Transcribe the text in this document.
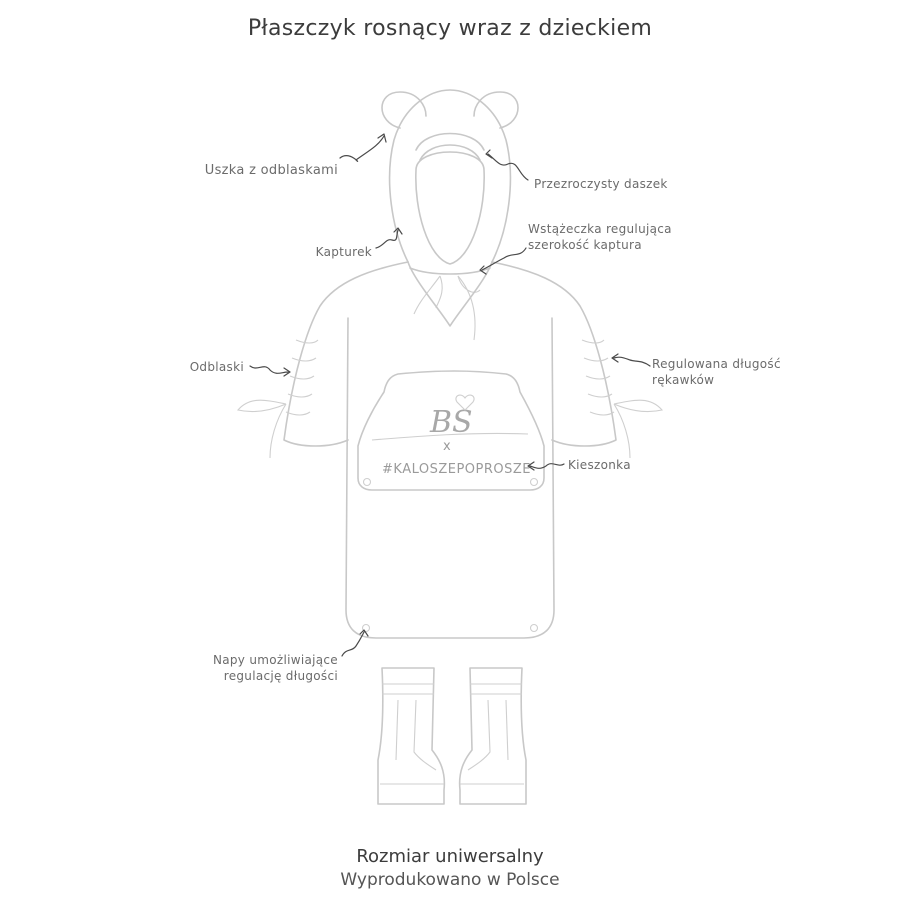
Płaszczyk rosnący wraz z dzieckiem
BS
x
#KALOSZEPOPROSZE
Uszka z odblaskami
Przezroczysty daszek
Wstążeczka regulująca
szerokość kaptura
Kapturek
Odblaski	Regulowana długość
rękawków
Kieszonka
Napy umożliwiające
regulację długości
Rozmiar uniwersalny
Wyprodukowano w Polsce
